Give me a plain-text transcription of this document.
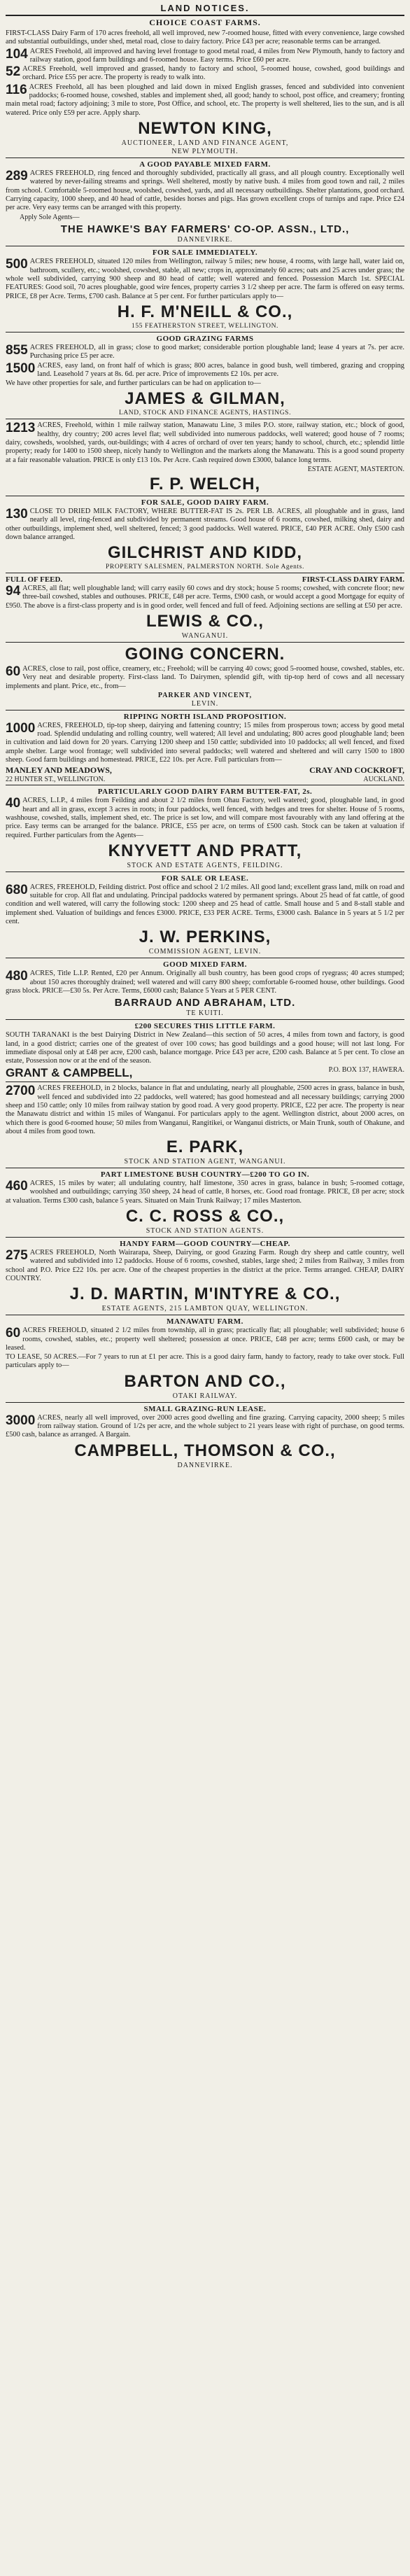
LAND NOTICES.
CHOICE COAST FARMS.
FIRST-CLASS Dairy Farm of 170 acres freehold, all well improved, new 7-roomed house, fitted with every convenience, large cowshed and substantial outbuildings, under shed, metal road, close to dairy factory. Price £43 per acre; reasonable terms can be arranged.
104 ACRES Freehold, all improved and having level frontage to good metal road, 4 miles from New Plymouth, handy to factory and railway station, good farm buildings and 6-roomed house. Easy terms. Price £60 per acre.
52 ACRES Freehold, well improved and grassed, handy to factory and school, 5-roomed house, cowshed, good buildings and orchard. Price £55 per acre. The property is ready to walk into.
116 ACRES Freehold, all has been ploughed and laid down in mixed English grasses, fenced and subdivided into convenient paddocks; 6-roomed house, cowshed, stables and implement shed, all good; handy to school, post office, and creamery; fronting main metal road; factory adjoining; 3 mile to store, Post Office, and school, etc. The property is well sheltered, lies to the sun, and is all watered. Price only £59 per acre. Apply sharp.
NEWTON KING,
AUCTIONEER, LAND AND FINANCE AGENT,
NEW PLYMOUTH.
A GOOD PAYABLE MIXED FARM.
289 ACRES FREEHOLD, ring fenced and thoroughly subdivided, practically all grass, and all plough country. Exceptionally well watered by never-failing streams and springs. Well sheltered, mostly by native bush. 4 miles from good town and rail, 2 miles from school. Comfortable 5-roomed house, woolshed, cowshed, yards, and all necessary outbuildings. Shelter plantations, good orchard. Carrying capacity, 1000 sheep, and 40 head of cattle, besides horses and pigs. Has grown excellent crops of turnips and rape. Price £24 per acre. Very easy terms can be arranged with this property.
Apply Sole Agents—
THE HAWKE'S BAY FARMERS' CO-OP. ASSN., LTD.,
DANNEVIRKE.
FOR SALE IMMEDIATELY.
500 ACRES FREEHOLD, situated 120 miles from Wellington, railway 5 miles; new house, 4 rooms, with large hall, water laid on, bathroom, scullery, etc.; woolshed, cowshed, stable, all new; crops in, approximately 60 acres; oats and 25 acres under grass; the whole well subdivided, carrying 900 sheep and 80 head of cattle; well watered and fenced. Possession March 1st. SPECIAL FEATURES: Good soil, 70 acres ploughable, good wire fences, property carries 3 1/2 sheep per acre. The farm is offered on easy terms. PRICE, £8 per Acre. Terms, £700 cash. Balance at 5 per cent. For further particulars apply to—
H. F. M'NEILL & CO.,
155 FEATHERSTON STREET, WELLINGTON.
GOOD GRAZING FARMS
855 ACRES FREEHOLD, all in grass; close to good market; considerable portion ploughable land; lease 4 years at 7s. per acre. Purchasing price £5 per acre.
1500 ACRES, easy land, on front half of which is grass; 800 acres, balance in good bush, well timbered, grazing and cropping land. Leasehold 7 years at 8s. 6d. per acre. Price of improvements £2 10s. per acre.
We have other properties for sale, and further particulars can be had on application to—
JAMES & GILMAN,
LAND, STOCK AND FINANCE AGENTS, HASTINGS.
1213 ACRES, Freehold, within 1 mile railway station, Manawatu Line, 3 miles P.O. store, railway station, etc.; block of good, healthy, dry country; 200 acres level flat; well subdivided into numerous paddocks, well watered; good house of 7 rooms; dairy, cowsheds, woolshed, yards, out-buildings; with 4 acres of orchard of over ten years; handy to school, church, etc.; splendid little property; ready for 1400 to 1500 sheep, nicely handy to Wellington and the markets along the Manawatu. This is a good sound property at a fair reasonable valuation. PRICE is only £13 10s. Per Acre. Cash required down £3000, balance long terms.
ESTATE AGENT, MASTERTON.
F. P. WELCH,
FOR SALE, GOOD DAIRY FARM.
130 CLOSE TO DRIED MILK FACTORY, WHERE BUTTER-FAT IS 2s. PER LB. ACRES, all ploughable and in grass, land nearly all level, ring-fenced and subdivided by permanent streams. Good house of 6 rooms, cowshed, milking shed, dairy and other outbuildings, implement shed, well sheltered, fenced; 3 good paddocks. Well watered. PRICE, £40 PER ACRE. Only £500 cash down balance arranged.
GILCHRIST AND KIDD,
PROPERTY SALESMEN, PALMERSTON NORTH. Sole Agents.
FULL OF FEED.	FIRST-CLASS DAIRY FARM.
94 ACRES, all flat; well ploughable land; will carry easily 60 cows and dry stock; house 5 rooms; cowshed, with concrete floor; new three-bail cowshed, stables and outhouses. PRICE, £48 per acre. Terms, £900 cash, or would accept a good Mortgage for equity of £950. The above is a first-class property and is in good order, well fenced and full of feed. Adjoining sections are selling at £50 per acre.
LEWIS & CO.,
WANGANUI.
GOING CONCERN.
60 ACRES, close to rail, post office, creamery, etc.; Freehold; will be carrying 40 cows; good 5-roomed house, cowshed, stables, etc. Very neat and desirable property. First-class land. To Dairymen, splendid gift, with tip-top herd of cows and all necessary implements and plant. Price, etc., from—
PARKER AND VINCENT,
LEVIN.
RIPPING NORTH ISLAND PROPOSITION.
1000 ACRES, FREEHOLD, tip-top sheep, dairying and fattening country; 15 miles from prosperous town; access by good metal road. Splendid undulating and rolling country, well watered; All level and undulating; 800 acres good ploughable land; been in cultivation and laid down for 20 years. Carrying 1200 sheep and 150 cattle; subdivided into 10 paddocks; all well fenced, and fixed ample shelter. Large wool frontage; well subdivided into several paddocks; well watered and sheltered and will carry 1500 to 1800 sheep. Good farm buildings and homestead. PRICE, £22 10s. per Acre. Full particulars from—
MANLEY AND MEADOWS,	CRAY AND COCKROFT,
22 HUNTER ST., WELLINGTON.	AUCKLAND.
PARTICULARLY GOOD DAIRY FARM BUTTER-FAT, 2s.
40 ACRES, L.I.P., 4 miles from Feilding and about 2 1/2 miles from Ohau Factory, well watered; good, ploughable land, in good heart and all in grass, except 3 acres in roots; in four paddocks, well fenced, with hedges and trees for shelter. House of 5 rooms, washhouse, cowshed, stalls, implement shed, etc. The price is set low, and will compare most favourably with any land offering at the price. Easy terms can be arranged for the balance. PRICE, £55 per acre, on terms of £500 cash. Stock can be taken at valuation if required. Further particulars from the Agents—
KNYVETT AND PRATT,
STOCK AND ESTATE AGENTS, FEILDING.
FOR SALE OR LEASE.
680 ACRES, FREEHOLD, Feilding district. Post office and school 2 1/2 miles. All good land; excellent grass land, milk on road and suitable for crop. All flat and undulating. Principal paddocks watered by permanent springs. About 25 head of fat cattle, of good condition and well watered, will carry the following stock: 1200 sheep and 25 head of cattle. Small house and 5 and 8-stall stable and implement shed. Valuation of buildings and fences £3000. PRICE, £33 PER ACRE. Terms, £3000 cash. Balance in 5 years at 5 1/2 per cent.
J. W. PERKINS,
COMMISSION AGENT, LEVIN.
GOOD MIXED FARM.
480 ACRES, Title L.I.P. Rented, £20 per Annum. Originally all bush country, has been good crops of ryegrass; 40 acres stumped; about 150 acres thoroughly drained; well watered and will carry 800 sheep; comfortable 6-roomed house, other buildings. Good grass block. PRICE—£30 5s. Per Acre. Terms, £6000 cash; Balance 5 Years at 5 PER CENT.
BARRAUD AND ABRAHAM, LTD.
TE KUITI.
£200 SECURES THIS LITTLE FARM.
SOUTH TARANAKI is the best Dairying District in New Zealand—this section of 50 acres, 4 miles from town and factory, is good land, in a good district; carries one of the greatest of over 100 cows; has good buildings and a good house; will not last long. For immediate disposal only at £48 per acre, £200 cash, balance mortgage. Price £43 per acre, £200 cash. Balance at 5 per cent. To close an estate, Possession now or at the end of the season.
GRANT & CAMPBELL,	P.O. BOX 137, HAWERA.
2700 ACRES FREEHOLD, in 2 blocks, balance in flat and undulating, nearly all ploughable, 2500 acres in grass, balance in bush, well fenced and subdivided into 22 paddocks, well watered; has good homestead and all necessary buildings; carrying 2000 sheep and 150 cattle; only 10 miles from railway station by good road. A very good property. PRICE, £22 per acre. The property is near the Manawatu district and within 15 miles of Wanganui. For particulars apply to the agent. Wellington district, about 2000 acres, on which there is good 6-roomed house; 50 miles from Wanganui, Rangitikei, or Wanganui districts, or Main Trunk, south of Ohakune, and about 4 miles from good town.
E. PARK,
STOCK AND STATION AGENT, WANGANUI.
PART LIMESTONE BUSH COUNTRY—£200 TO GO IN.
460 ACRES, 15 miles by water; all undulating country, half limestone, 350 acres in grass, balance in bush; 5-roomed cottage, woolshed and outbuildings; carrying 350 sheep, 24 head of cattle, 8 horses, etc. Good road frontage. PRICE, £8 per acre; stock at valuation. Terms £300 cash, balance 5 years. Situated on Main Trunk Railway; 17 miles Masterton.
C. C. ROSS & CO.,
STOCK AND STATION AGENTS.
HANDY FARM—GOOD COUNTRY—CHEAP.
275 ACRES FREEHOLD, North Wairarapa, Sheep, Dairying, or good Grazing Farm. Rough dry sheep and cattle country, well watered and subdivided into 12 paddocks. House of 6 rooms, cowshed, stables, large shed; 2 miles from Railway, 3 miles from school and P.O. Price £22 10s. per acre. One of the cheapest properties in the district at the price. Terms arranged. CHEAP, DAIRY COUNTRY.
J. D. MARTIN, M'INTYRE & CO.,
ESTATE AGENTS, 215 LAMBTON QUAY, WELLINGTON.
MANAWATU FARM.
60 ACRES FREEHOLD, situated 2 1/2 miles from township, all in grass; practically flat; all ploughable; well subdivided; house 6 rooms, cowshed, stables, etc.; property well sheltered; possession at once. PRICE, £48 per acre; terms £600 cash, or may be leased.
TO LEASE, 50 ACRES.—For 7 years to run at £1 per acre. This is a good dairy farm, handy to factory, ready to take over stock. Full particulars apply to—
BARTON AND CO.,
OTAKI RAILWAY.
SMALL GRAZING-RUN LEASE.
3000 ACRES, nearly all well improved, over 2000 acres good dwelling and fine grazing. Carrying capacity, 2000 sheep; 5 miles from railway station. Ground of 1/2s per acre, and the whole subject to 21 years lease with right of purchase, on good terms. £500 cash, balance as arranged. A Bargain.
CAMPBELL, THOMSON & CO.,
DANNEVIRKE.
